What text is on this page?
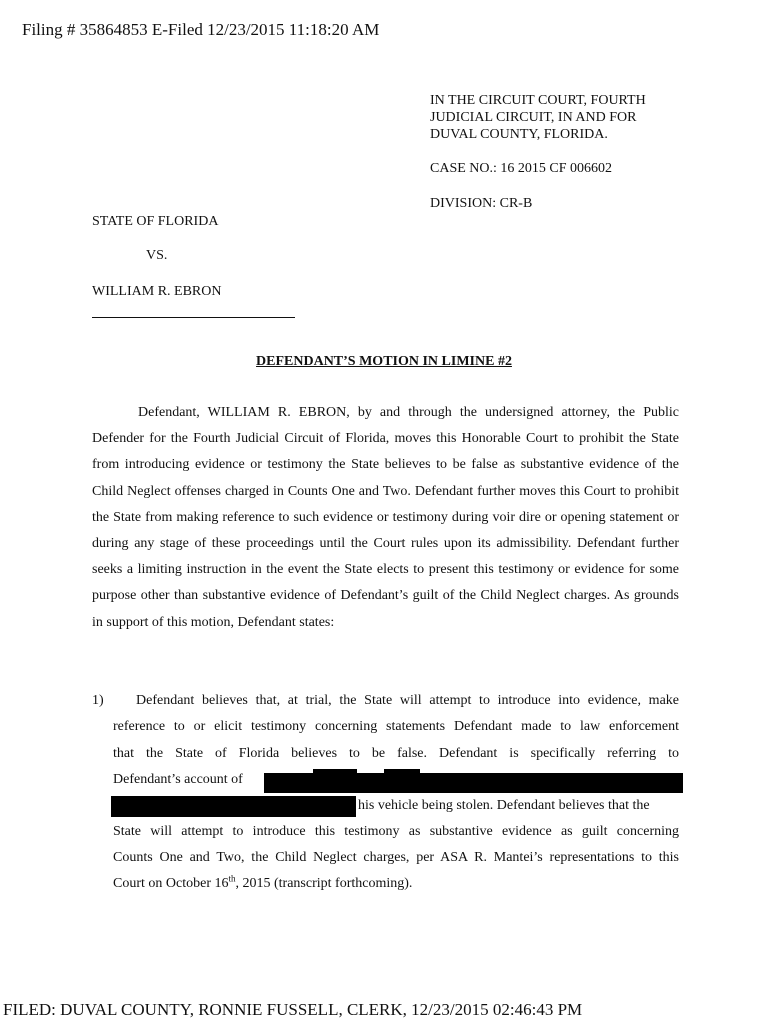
Filing # 35864853 E-Filed 12/23/2015 11:18:20 AM
IN THE CIRCUIT COURT, FOURTH
JUDICIAL CIRCUIT, IN AND FOR
DUVAL COUNTY, FLORIDA.
CASE NO.: 16 2015 CF 006602
DIVISION: CR-B
STATE OF FLORIDA
VS.
WILLIAM R. EBRON
DEFENDANT’S MOTION IN LIMINE #2
Defendant, WILLIAM R. EBRON, by and through the undersigned attorney, the Public Defender for the Fourth Judicial Circuit of Florida, moves this Honorable Court to prohibit the State from introducing evidence or testimony the State believes to be false as substantive evidence of the Child Neglect offenses charged in Counts One and Two. Defendant further moves this Court to prohibit the State from making reference to such evidence or testimony during voir dire or opening statement or during any stage of these proceedings until the Court rules upon its admissibility. Defendant further seeks a limiting instruction in the event the State elects to present this testimony or evidence for some purpose other than substantive evidence of Defendant’s guilt of the Child Neglect charges. As grounds in support of this motion, Defendant states:
1) Defendant believes that, at trial, the State will attempt to introduce into evidence, make
reference to or elicit testimony concerning statements Defendant made to law enforcement
that the State of Florida believes to be false. Defendant is specifically referring to
Defendant’s account of
his vehicle being stolen. Defendant believes that the
State will attempt to introduce this testimony as substantive evidence as guilt concerning
Counts One and Two, the Child Neglect charges, per ASA R. Mantei’s representations to this
Court on October 16th, 2015 (transcript forthcoming).
FILED: DUVAL COUNTY, RONNIE FUSSELL, CLERK, 12/23/2015 02:46:43 PM
